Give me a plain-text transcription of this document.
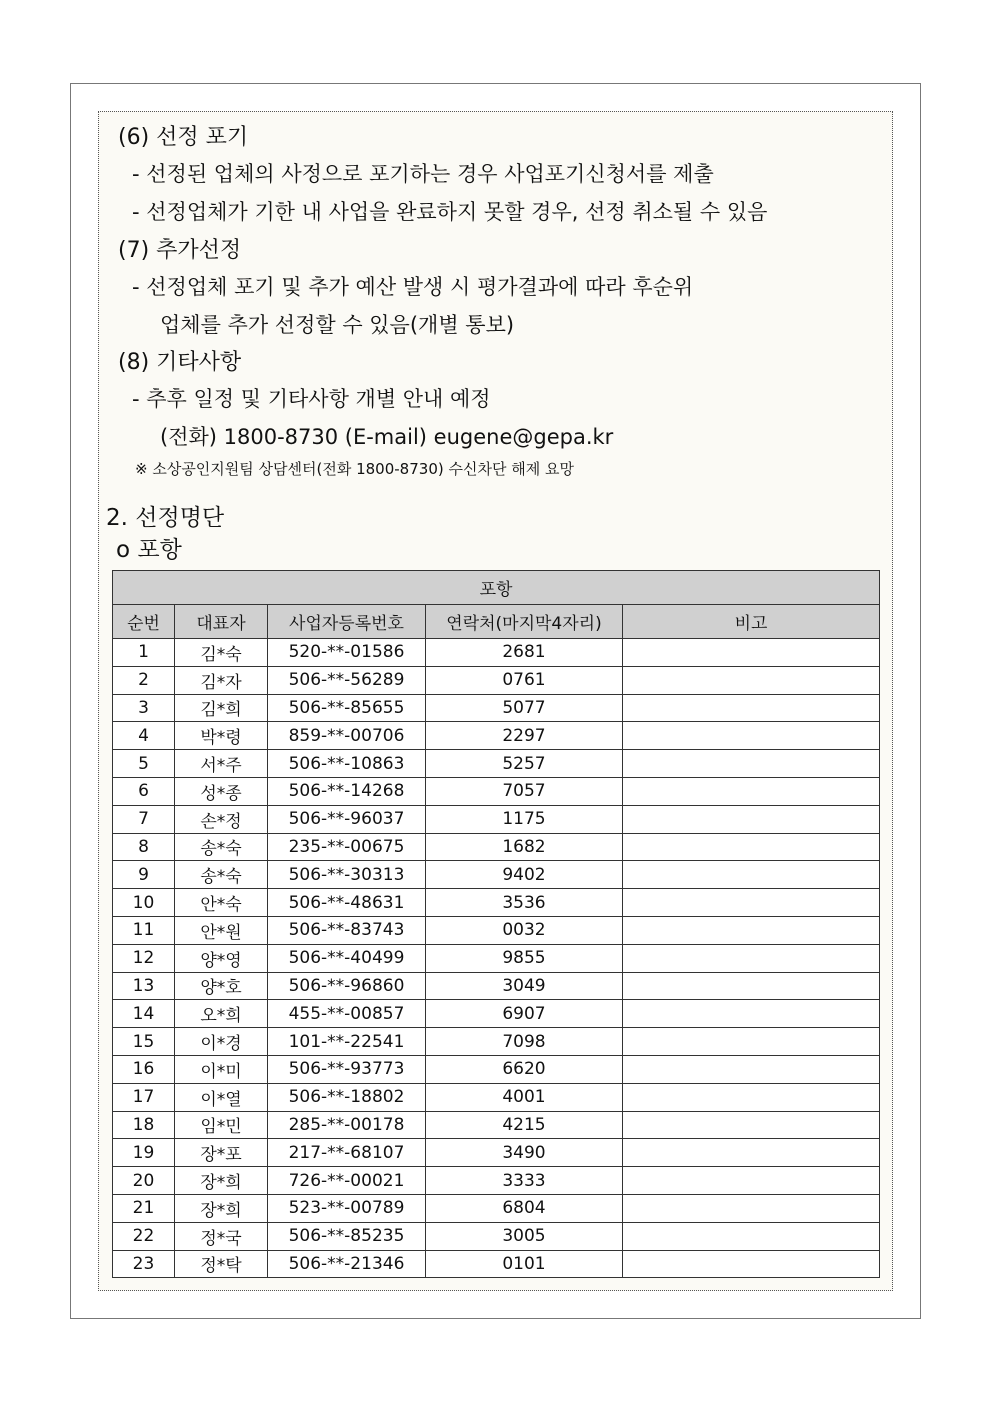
(6) 선정 포기
- 선정된 업체의 사정으로 포기하는 경우 사업포기신청서를 제출
- 선정업체가 기한 내 사업을 완료하지 못할 경우, 선정 취소될 수 있음
(7) 추가선정
- 선정업체 포기 및 추가 예산 발생 시 평가결과에 따라 후순위
업체를 추가 선정할 수 있음(개별 통보)
(8) 기타사항
- 추후 일정 및 기타사항 개별 안내 예정
(전화) 1800-8730 (E-mail) eugene@gepa.kr
※ 소상공인지원팀 상담센터(전화 1800-8730) 수신차단 해제 요망
2. 선정명단
o 포항
포항				
순번	대표자	사업자등록번호	연락처(마지막4자리)	비고
1	김*숙	520-**-01586	2681	
2	김*자	506-**-56289	0761	
3	김*희	506-**-85655	5077	
4	박*령	859-**-00706	2297	
5	서*주	506-**-10863	5257	
6	성*종	506-**-14268	7057	
7	손*정	506-**-96037	1175	
8	송*숙	235-**-00675	1682	
9	송*숙	506-**-30313	9402	
10	안*숙	506-**-48631	3536	
11	안*원	506-**-83743	0032	
12	양*영	506-**-40499	9855	
13	양*호	506-**-96860	3049	
14	오*희	455-**-00857	6907	
15	이*경	101-**-22541	7098	
16	이*미	506-**-93773	6620	
17	이*열	506-**-18802	4001	
18	임*민	285-**-00178	4215	
19	장*포	217-**-68107	3490	
20	장*희	726-**-00021	3333	
21	장*희	523-**-00789	6804	
22	정*국	506-**-85235	3005	
23	정*탁	506-**-21346	0101	
